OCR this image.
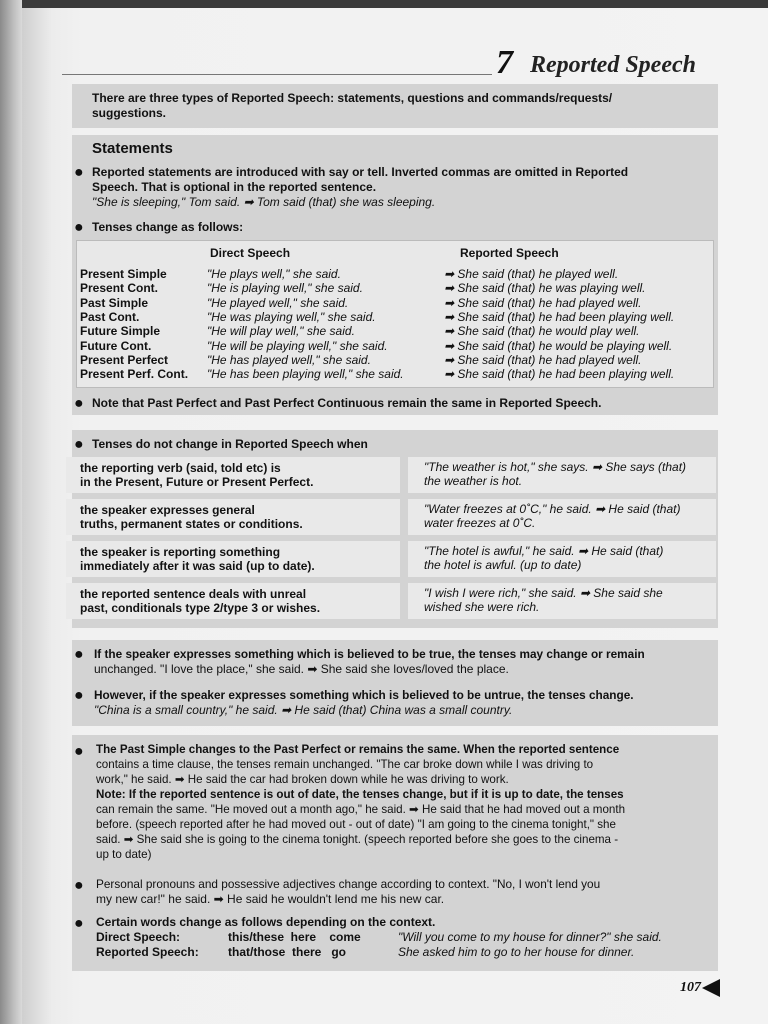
7 Reported Speech
There are three types of Reported Speech: statements, questions and commands/requests/
suggestions.
Statements
● Reported statements are introduced with say or tell. Inverted commas are omitted in Reported
Speech. That is optional in the reported sentence.
"She is sleeping," Tom said. ➡ Tom said (that) she was sleeping.
● Tenses change as follows:
Direct Speech	Reported Speech
Present Simple	"He plays well," she said.	➡ She said (that) he played well.
Present Cont.	"He is playing well," she said.	➡ She said (that) he was playing well.
Past Simple	"He played well," she said.	➡ She said (that) he had played well.
Past Cont.	"He was playing well," she said.	➡ She said (that) he had been playing well.
Future Simple	"He will play well," she said.	➡ She said (that) he would play well.
Future Cont.	"He will be playing well," she said.	➡ She said (that) he would be playing well.
Present Perfect	"He has played well," she said.	➡ She said (that) he had played well.
Present Perf. Cont. "He has been playing well," she said.	➡ She said (that) he had been playing well.
● Note that Past Perfect and Past Perfect Continuous remain the same in Reported Speech.
● Tenses do not change in Reported Speech when
the reporting verb (said, told etc) is
in the Present, Future or Present Perfect.
"The weather is hot," she says. ➡ She says (that)
the weather is hot.
the speaker expresses general
truths, permanent states or conditions.
"Water freezes at 0˚C," he said. ➡ He said (that)
water freezes at 0˚C.
the speaker is reporting something
immediately after it was said (up to date).
"The hotel is awful," he said. ➡ He said (that)
the hotel is awful. (up to date)
the reported sentence deals with unreal
past, conditionals type 2/type 3 or wishes.
"I wish I were rich," she said. ➡ She said she
wished she were rich.
● If the speaker expresses something which is believed to be true, the tenses may change or remain
unchanged. "I love the place," she said. ➡ She said she loves/loved the place.
● However, if the speaker expresses something which is believed to be untrue, the tenses change.
"China is a small country," he said. ➡ He said (that) China was a small country.
● The Past Simple changes to the Past Perfect or remains the same. When the reported sentence
contains a time clause, the tenses remain unchanged. "The car broke down while I was driving to
work," he said. ➡ He said the car had broken down while he was driving to work.
Note: If the reported sentence is out of date, the tenses change, but if it is up to date, the tenses
can remain the same. "He moved out a month ago," he said. ➡ He said that he had moved out a month
before. (speech reported after he had moved out - out of date) "I am going to the cinema tonight," she
said. ➡ She said she is going to the cinema tonight. (speech reported before she goes to the cinema -
up to date)
● Personal pronouns and possessive adjectives change according to context. "No, I won't lend you
my new car!" he said. ➡ He said he wouldn't lend me his new car.
● Certain words change as follows depending on the context.
Direct Speech:	this/these  here    come	"Will you come to my house for dinner?" she said.
Reported Speech: that/those  there   go	She asked him to go to her house for dinner.
107
